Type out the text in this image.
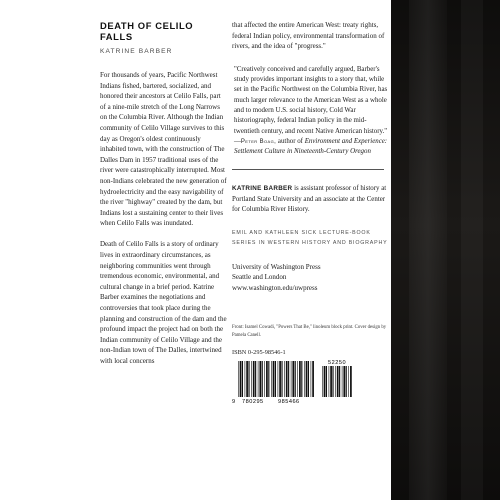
DEATH OF CELILO FALLS
KATRINE BARBER

For thousands of years, Pacific Northwest Indians fished, bartered, socialized, and honored their ancestors at Celilo Falls, part of a nine-mile stretch of the Long Narrows on the Columbia River. Although the Indian community of Celilo Village survives to this day as Oregon's oldest continuously inhabited town, with the construction of The Dalles Dam in 1957 traditional uses of the river were catastrophically interrupted. Most non-Indians celebrated the new generation of hydroelectricity and the easy navigability of the river "highway" created by the dam, but Indians lost a sustaining center to their lives when Celilo Falls was inundated.

Death of Celilo Falls is a story of ordinary lives in extraordinary circumstances, as neighboring communities went through tremendous economic, environmental, and cultural change in a brief period. Katrine Barber examines the negotiations and controversies that took place during the planning and construction of the dam and the profound impact the project had on both the Indian community of Celilo Village and the non-Indian town of The Dalles, intertwined with local concerns

that affected the entire American West: treaty rights, federal Indian policy, environmental transformation of rivers, and the idea of "progress."

"Creatively conceived and carefully argued, Barber's study provides important insights to a story that, while set in the Pacific Northwest on the Columbia River, has much larger relevance to the American West as a whole and to modern U.S. social history, Cold War historiography, federal Indian policy in the mid-twentieth century, and recent Native American history."
—Peter Boag, author of Environment and Experience: Settlement Culture in Nineteenth-Century Oregon

KATRINE BARBER is assistant professor of history at Portland State University and an associate at the Center for Columbia River History.

EMIL AND KATHLEEN SICK LECTURE-BOOK SERIES IN WESTERN HISTORY AND BIOGRAPHY
University of Washington Press
Seattle and London
www.washington.edu/uwpress
Front: Isamel Cowadi, "Powers That Be," linoleum block print. Cover design by Pamela Canell.
ISBN 0-295-98546-1
52250
9 780295	985466
